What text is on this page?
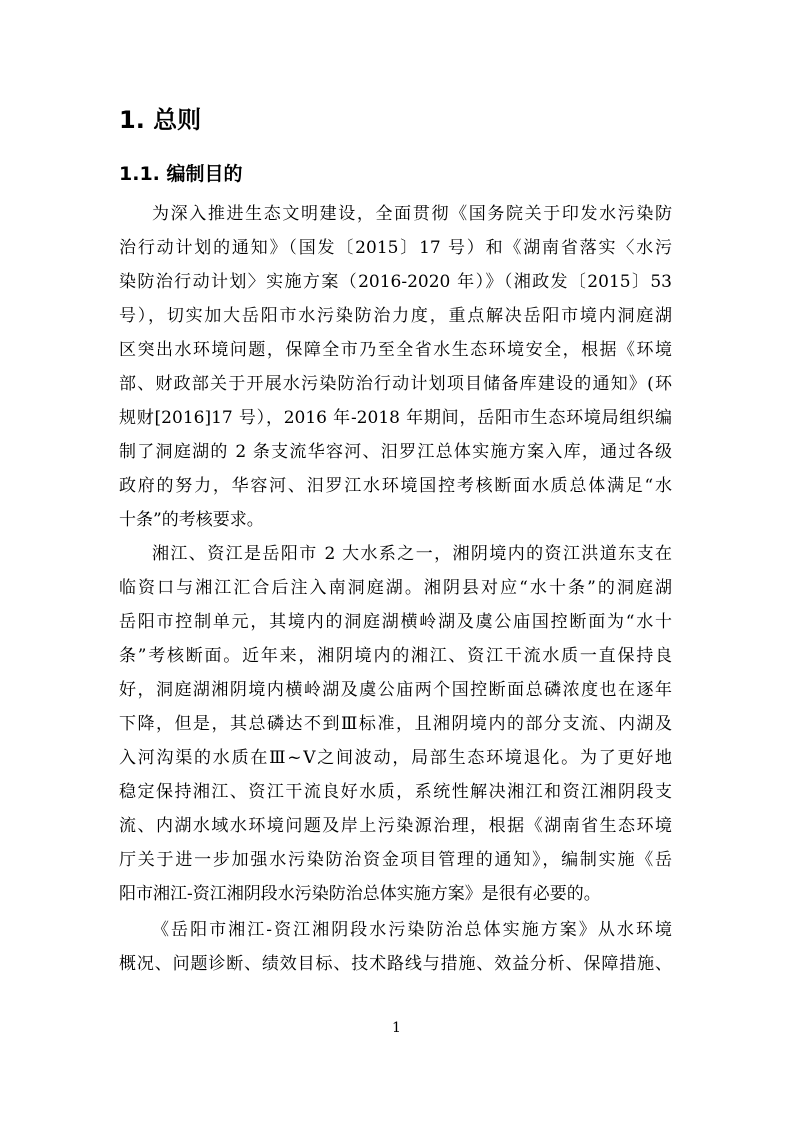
1. 总则
1.1. 编制目的
为深入推进生态文明建设，全面贯彻《国务院关于印发水污染防
治行动计划的通知》（国发〔2015〕17 号）和《湖南省落实〈水污
染防治行动计划〉实施方案（2016-2020 年）》（湘政发〔2015〕53
号），切实加大岳阳市水污染防治力度，重点解决岳阳市境内洞庭湖
区突出水环境问题，保障全市乃至全省水生态环境安全，根据《环境
部、财政部关于开展水污染防治行动计划项目储备库建设的通知》(环
规财[2016]17 号），2016 年-2018 年期间，岳阳市生态环境局组织编
制了洞庭湖的 2 条支流华容河、汨罗江总体实施方案入库，通过各级
政府的努力，华容河、汨罗江水环境国控考核断面水质总体满足“水
十条”的考核要求。
湘江、资江是岳阳市 2 大水系之一，湘阴境内的资江洪道东支在
临资口与湘江汇合后注入南洞庭湖。湘阴县对应“水十条”的洞庭湖
岳阳市控制单元，其境内的洞庭湖横岭湖及虞公庙国控断面为“水十
条”考核断面。近年来，湘阴境内的湘江、资江干流水质一直保持良
好，洞庭湖湘阴境内横岭湖及虞公庙两个国控断面总磷浓度也在逐年
下降，但是，其总磷达不到Ⅲ标准，且湘阴境内的部分支流、内湖及
入河沟渠的水质在Ⅲ~Ⅴ之间波动，局部生态环境退化。为了更好地
稳定保持湘江、资江干流良好水质，系统性解决湘江和资江湘阴段支
流、内湖水域水环境问题及岸上污染源治理，根据《湖南省生态环境
厅关于进一步加强水污染防治资金项目管理的通知》，编制实施《岳
阳市湘江-资江湘阴段水污染防治总体实施方案》是很有必要的。
《岳阳市湘江-资江湘阴段水污染防治总体实施方案》从水环境
概况、问题诊断、绩效目标、技术路线与措施、效益分析、保障措施、
1
